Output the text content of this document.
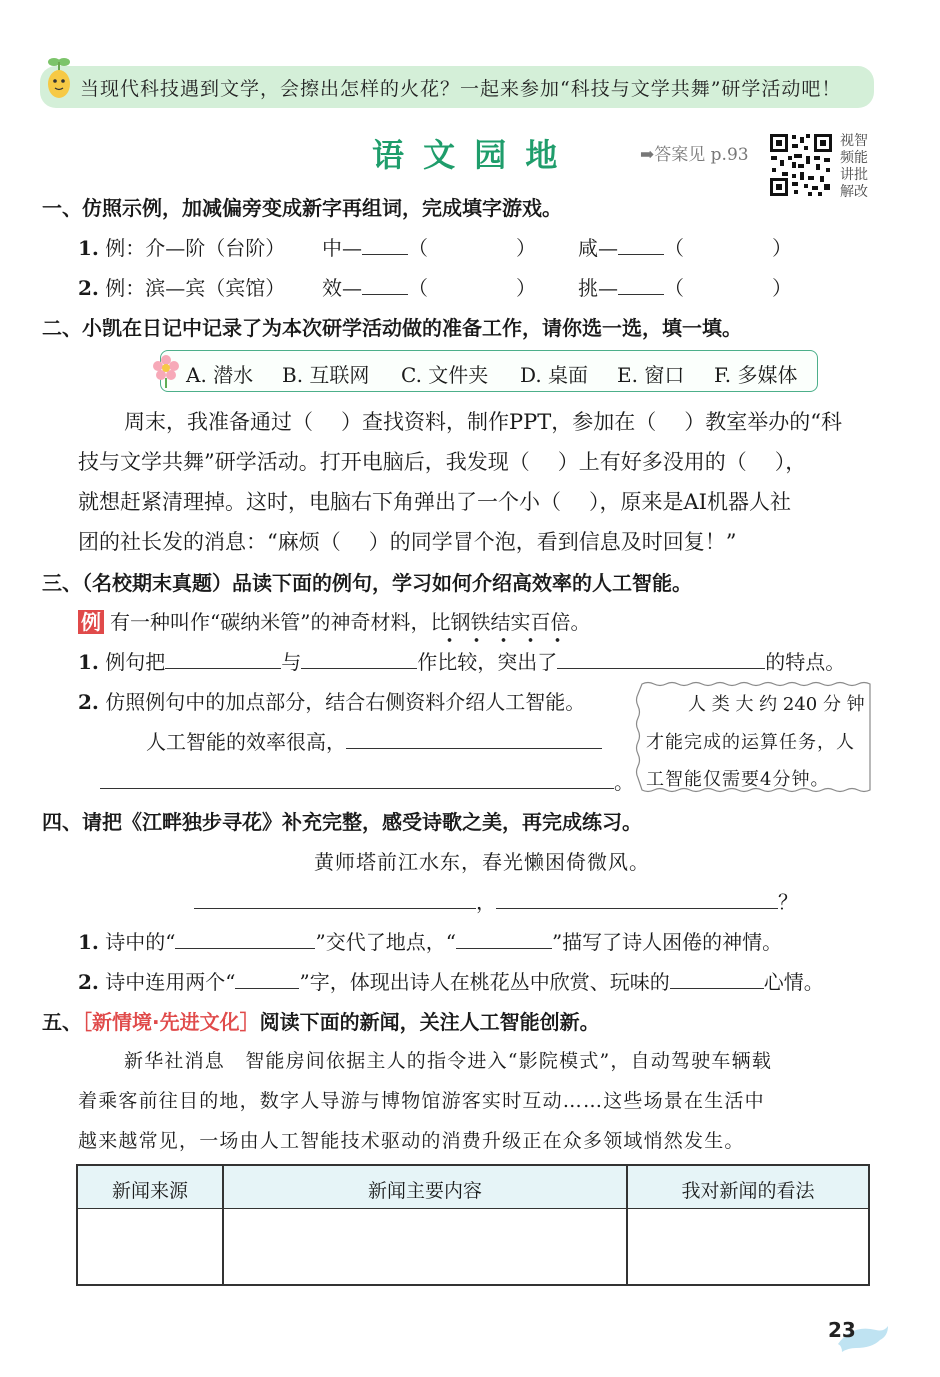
当现代科技遇到文学，会擦出怎样的火花？一起来参加“科技与文学共舞”研学活动吧！
语 文 园 地	➡答案见 p.93
视智
频能
讲批
解改
一、仿照示例，加减偏旁变成新字再组词，完成填字游戏。
1. 例：介—阶（台阶） 中— （	） 咸— （	）
2. 例：滨—宾（宾馆） 效— （	） 挑— （	）
二、小凯在日记中记录了为本次研学活动做的准备工作，请你选一选，填一填。
A. 潜水 B. 互联网 C. 文件夹 D. 桌面 E. 窗口 F. 多媒体
周末，我准备通过（ ）查找资料，制作PPT，参加在（ ）教室举办的“科
技与文学共舞”研学活动。打开电脑后，我发现（ ）上有好多没用的（ ），
就想赶紧清理掉。这时，电脑右下角弹出了一个小（ ），原来是AI机器人社
团的社长发的消息：“麻烦（ ）的同学冒个泡，看到信息及时回复！”
三、（名校期末真题）品读下面的例句，学习如何介绍高效率的人工智能。
例 有一种叫作“碳纳米管”的神奇材料，比钢铁结实百倍。
1. 例句把	与	作比较，突出了	的特点。
2. 仿照例句中的加点部分，结合右侧资料介绍人工智能。
人工智能的效率很高，
。
人 类 大 约 240 分 钟
才能完成的运算任务，人
工智能仅需要4分钟。
四、请把《江畔独步寻花》补充完整，感受诗歌之美，再完成练习。
黄师塔前江水东，春光懒困倚微风。
，	？
1. 诗中的“	”交代了地点，“	”描写了诗人困倦的神情。
2. 诗中连用两个“	”字，体现出诗人在桃花丛中欣赏、玩味的	心情。
五、［新情境·先进文化］阅读下面的新闻，关注人工智能创新。
新华社消息　智能房间依据主人的指令进入“影院模式”，自动驾驶车辆载
着乘客前往目的地，数字人导游与博物馆游客实时互动……这些场景在生活中
越来越常见，一场由人工智能技术驱动的消费升级正在众多领域悄然发生。
新闻来源	新闻主要内容	我对新闻的看法
23
